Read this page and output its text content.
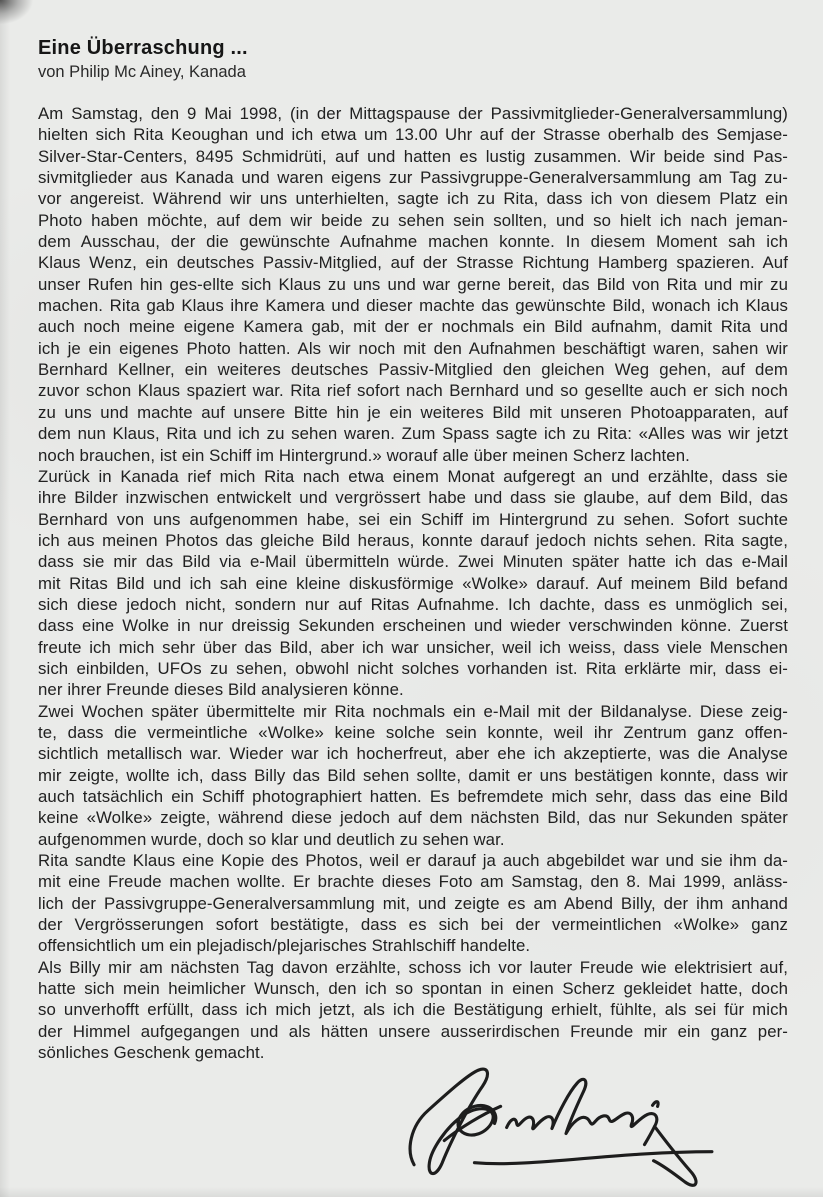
Eine Überraschung ...
von Philip Mc Ainey, Kanada
Am Samstag, den 9 Mai 1998, (in der Mittagspause der Passivmitglieder-Generalversammlung)
hielten sich Rita Keoughan und ich etwa um 13.00 Uhr auf der Strasse oberhalb des Semjase-
Silver-Star-Centers, 8495 Schmidrüti, auf und hatten es lustig zusammen. Wir beide sind Pas-
sivmitglieder aus Kanada und waren eigens zur Passivgruppe-Generalversammlung am Tag zu-
vor angereist. Während wir uns unterhielten, sagte ich zu Rita, dass ich von diesem Platz ein
Photo haben möchte, auf dem wir beide zu sehen sein sollten, und so hielt ich nach jeman-
dem Ausschau, der die gewünschte Aufnahme machen konnte. In diesem Moment sah ich
Klaus Wenz, ein deutsches Passiv-Mitglied, auf der Strasse Richtung Hamberg spazieren. Auf
unser Rufen hin ges-ellte sich Klaus zu uns und war gerne bereit, das Bild von Rita und mir zu
machen. Rita gab Klaus ihre Kamera und dieser machte das gewünschte Bild, wonach ich Klaus
auch noch meine eigene Kamera gab, mit der er nochmals ein Bild aufnahm, damit Rita und
ich je ein eigenes Photo hatten. Als wir noch mit den Aufnahmen beschäftigt waren, sahen wir
Bernhard Kellner, ein weiteres deutsches Passiv-Mitglied den gleichen Weg gehen, auf dem
zuvor schon Klaus spaziert war. Rita rief sofort nach Bernhard und so gesellte auch er sich noch
zu uns und machte auf unsere Bitte hin je ein weiteres Bild mit unseren Photoapparaten, auf
dem nun Klaus, Rita und ich zu sehen waren. Zum Spass sagte ich zu Rita: «Alles was wir jetzt
noch brauchen, ist ein Schiff im Hintergrund.» worauf alle über meinen Scherz lachten.
Zurück in Kanada rief mich Rita nach etwa einem Monat aufgeregt an und erzählte, dass sie
ihre Bilder inzwischen entwickelt und vergrössert habe und dass sie glaube, auf dem Bild, das
Bernhard von uns aufgenommen habe, sei ein Schiff im Hintergrund zu sehen. Sofort suchte
ich aus meinen Photos das gleiche Bild heraus, konnte darauf jedoch nichts sehen. Rita sagte,
dass sie mir das Bild via e-Mail übermitteln würde. Zwei Minuten später hatte ich das e-Mail
mit Ritas Bild und ich sah eine kleine diskusförmige «Wolke» darauf. Auf meinem Bild befand
sich diese jedoch nicht, sondern nur auf Ritas Aufnahme. Ich dachte, dass es unmöglich sei,
dass eine Wolke in nur dreissig Sekunden erscheinen und wieder verschwinden könne. Zuerst
freute ich mich sehr über das Bild, aber ich war unsicher, weil ich weiss, dass viele Menschen
sich einbilden, UFOs zu sehen, obwohl nicht solches vorhanden ist. Rita erklärte mir, dass ei-
ner ihrer Freunde dieses Bild analysieren könne.
Zwei Wochen später übermittelte mir Rita nochmals ein e-Mail mit der Bildanalyse. Diese zeig-
te, dass die vermeintliche «Wolke» keine solche sein konnte, weil ihr Zentrum ganz offen-
sichtlich metallisch war. Wieder war ich hocherfreut, aber ehe ich akzeptierte, was die Analyse
mir zeigte, wollte ich, dass Billy das Bild sehen sollte, damit er uns bestätigen konnte, dass wir
auch tatsächlich ein Schiff photographiert hatten. Es befremdete mich sehr, dass das eine Bild
keine «Wolke» zeigte, während diese jedoch auf dem nächsten Bild, das nur Sekunden später
aufgenommen wurde, doch so klar und deutlich zu sehen war.
Rita sandte Klaus eine Kopie des Photos, weil er darauf ja auch abgebildet war und sie ihm da-
mit eine Freude machen wollte. Er brachte dieses Foto am Samstag, den 8. Mai 1999, anläss-
lich der Passivgruppe-Generalversammlung mit, und zeigte es am Abend Billy, der ihm anhand
der Vergrösserungen sofort bestätigte, dass es sich bei der vermeintlichen «Wolke» ganz
offensichtlich um ein plejadisch/plejarisches Strahlschiff handelte.
Als Billy mir am nächsten Tag davon erzählte, schoss ich vor lauter Freude wie elektrisiert auf,
hatte sich mein heimlicher Wunsch, den ich so spontan in einen Scherz gekleidet hatte, doch
so unverhofft erfüllt, dass ich mich jetzt, als ich die Bestätigung erhielt, fühlte, als sei für mich
der Himmel aufgegangen und als hätten unsere ausserirdischen Freunde mir ein ganz per-
sönliches Geschenk gemacht.
